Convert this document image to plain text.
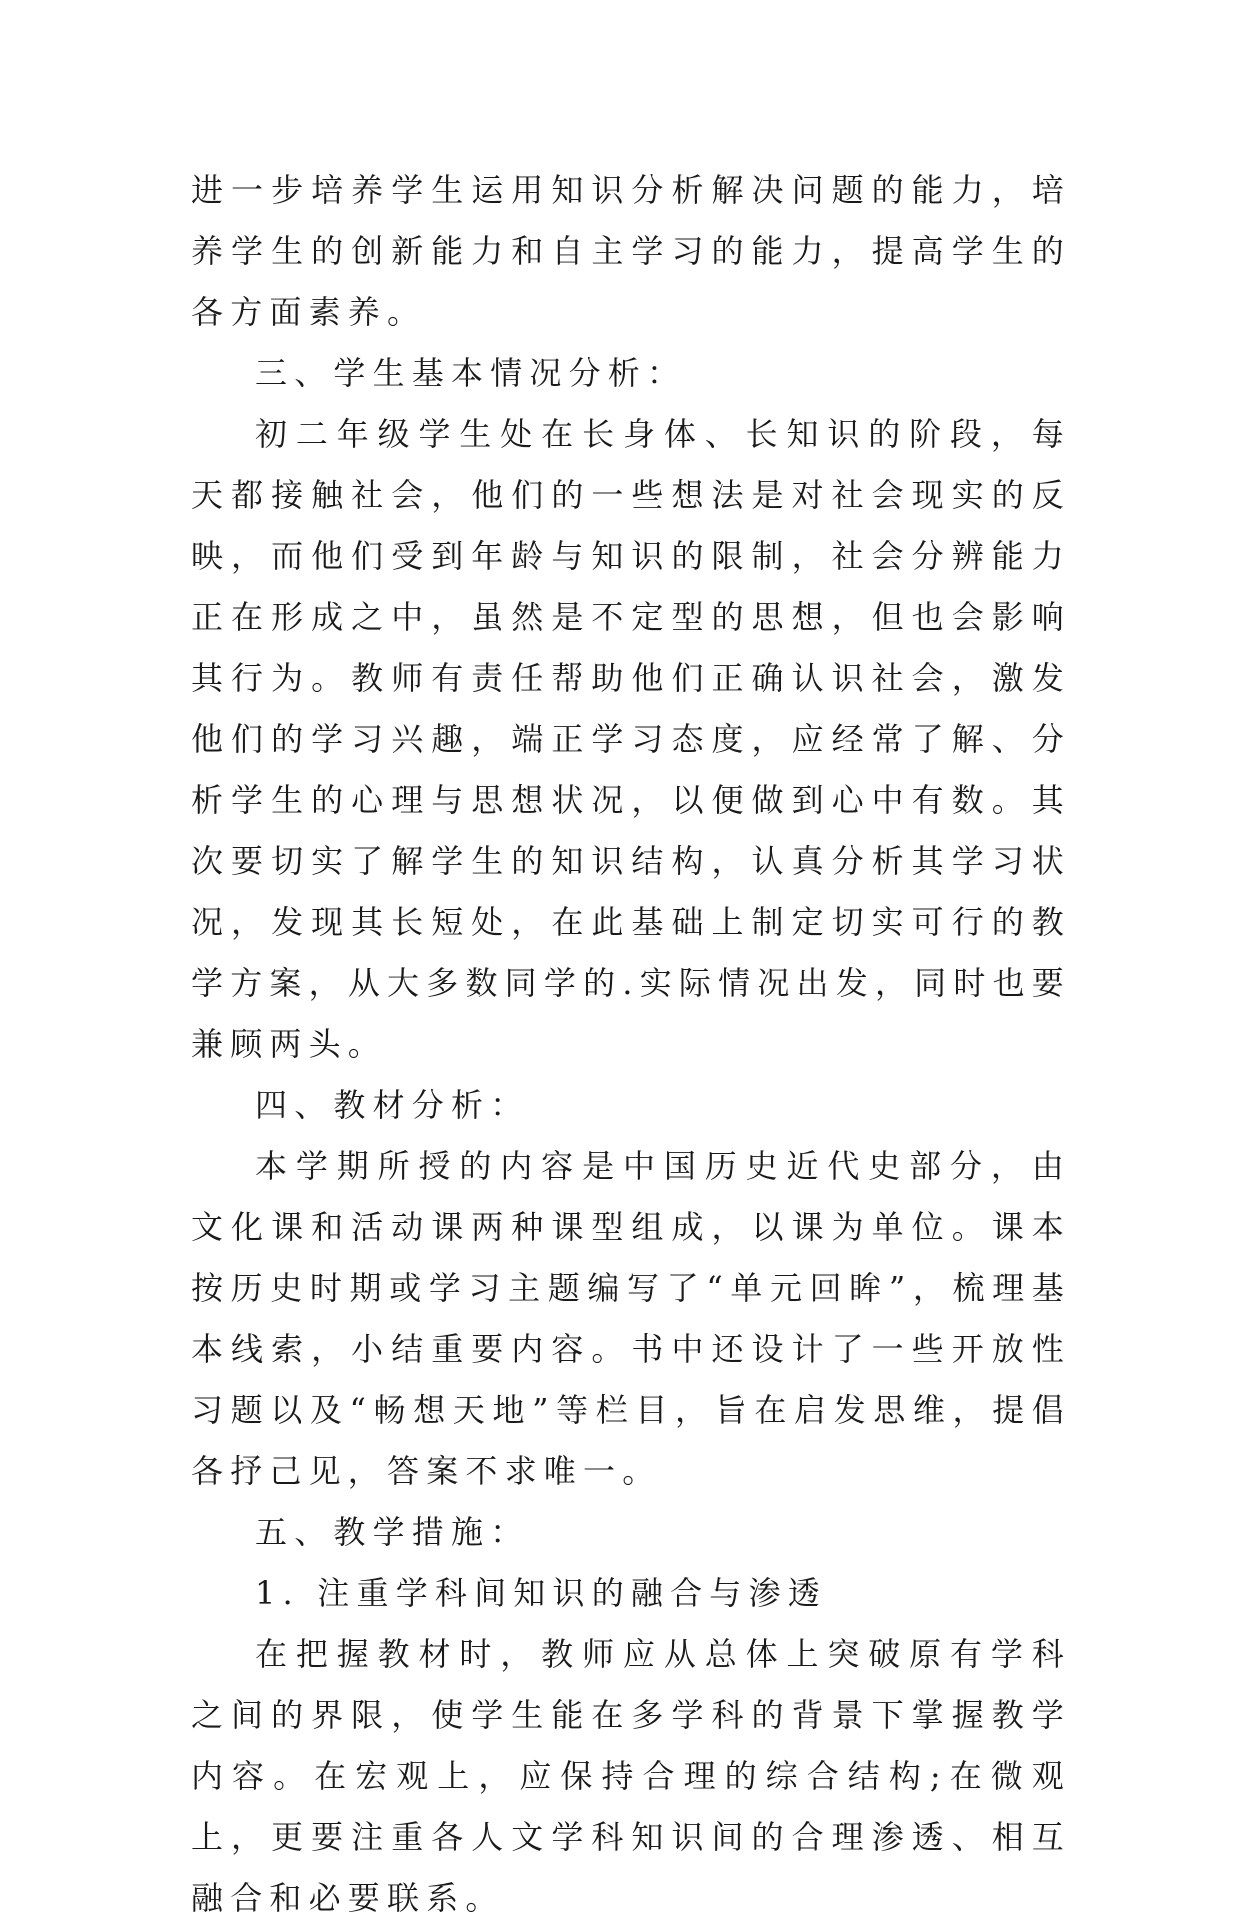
进一步培养学生运用知识分析解决问题的能力，培养学生的创新能力和自主学习的能力，提高学生的各方面素养。

三、学生基本情况分析：

初二年级学生处在长身体、长知识的阶段，每天都接触社会，他们的一些想法是对社会现实的反映，而他们受到年龄与知识的限制，社会分辨能力正在形成之中，虽然是不定型的思想，但也会影响其行为。教师有责任帮助他们正确认识社会，激发他们的学习兴趣，端正学习态度，应经常了解、分析学生的心理与思想状况，以便做到心中有数。其次要切实了解学生的知识结构，认真分析其学习状况，发现其长短处，在此基础上制定切实可行的教学方案，从大多数同学的.实际情况出发，同时也要兼顾两头。

四、教材分析：

本学期所授的内容是中国历史近代史部分，由文化课和活动课两种课型组成，以课为单位。课本按历史时期或学习主题编写了“单元回眸”，梳理基本线索，小结重要内容。书中还设计了一些开放性习题以及“畅想天地”等栏目，旨在启发思维，提倡各抒己见，答案不求唯一。

五、教学措施：

1. 注重学科间知识的融合与渗透

在把握教材时，教师应从总体上突破原有学科之间的界限，使学生能在多学科的背景下掌握教学内容。在宏观上，应保持合理的综合结构;在微观上，更要注重各人文学科知识间的合理渗透、相互融合和必要联系。
